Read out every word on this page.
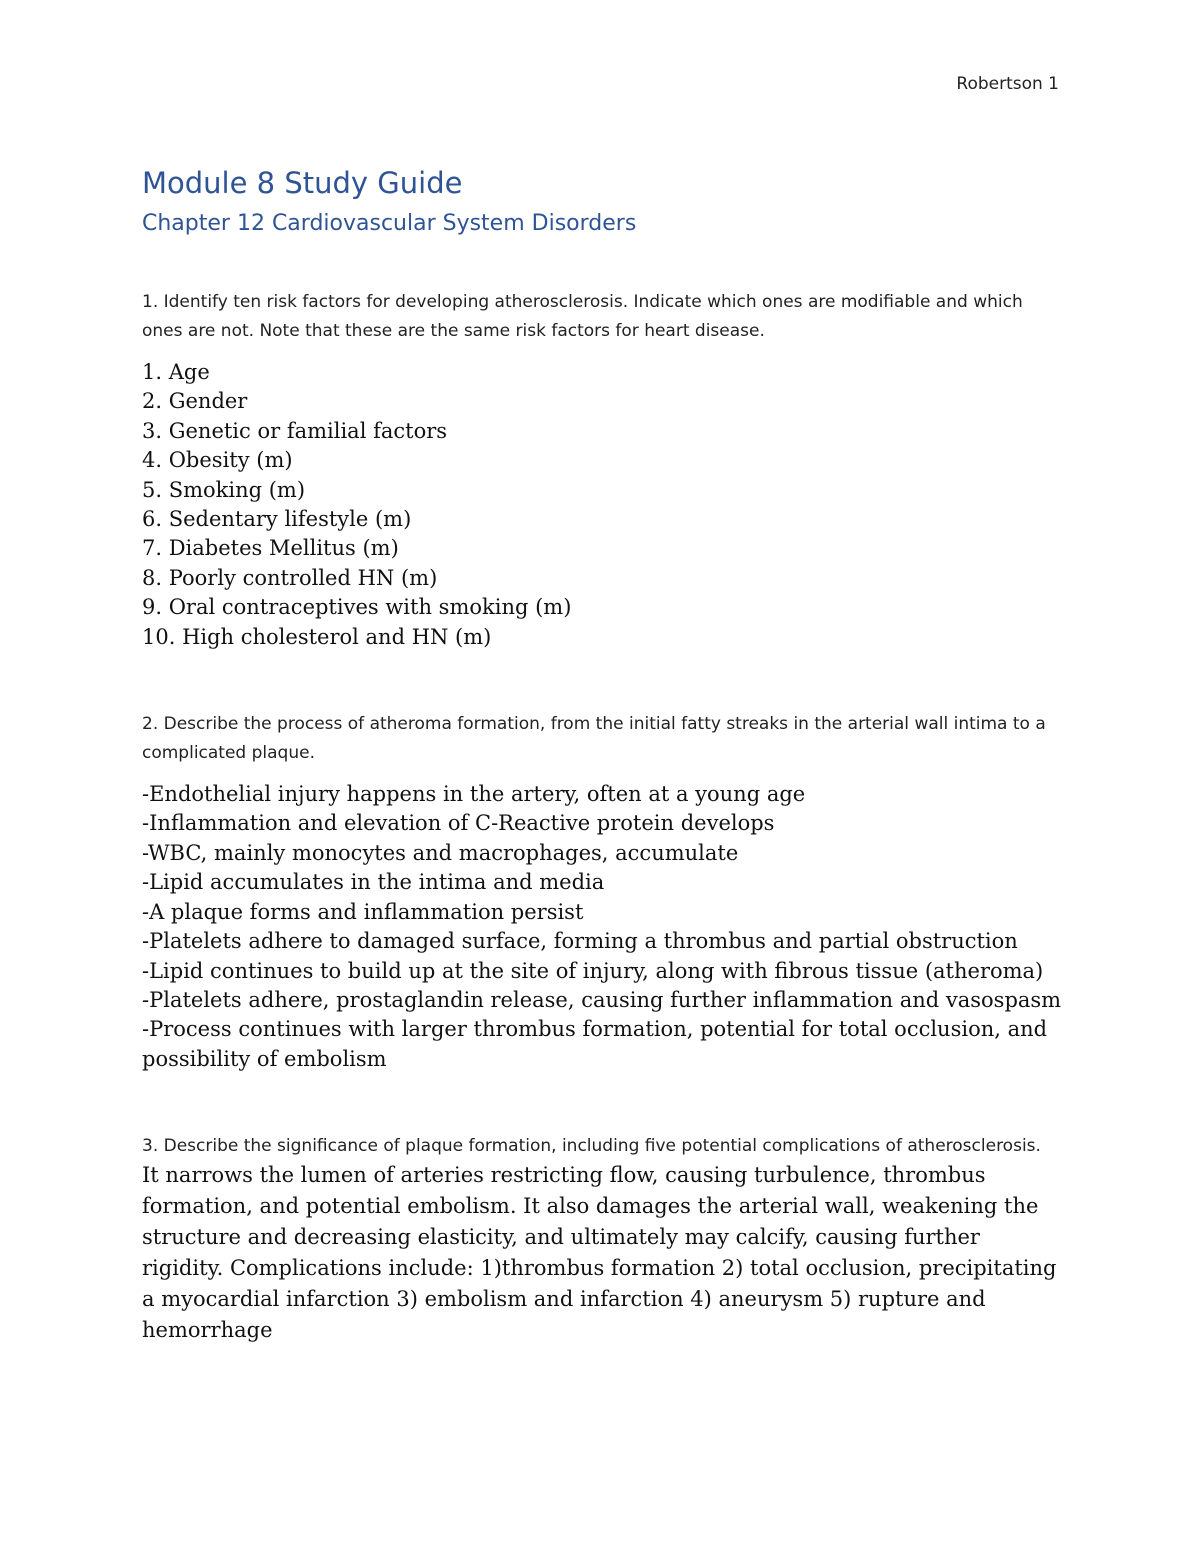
Robertson 1
Module 8 Study Guide
Chapter 12 Cardiovascular System Disorders

1. Identify ten risk factors for developing atherosclerosis. Indicate which ones are modifiable and which ones are not. Note that these are the same risk factors for heart disease.

1. Age
2. Gender
3. Genetic or familial factors
4. Obesity (m)
5. Smoking (m)
6. Sedentary lifestyle (m)
7. Diabetes Mellitus (m)
8. Poorly controlled HN (m)
9. Oral contraceptives with smoking (m)
10. High cholesterol and HN (m)

2. Describe the process of atheroma formation, from the initial fatty streaks in the arterial wall intima to a complicated plaque.

-Endothelial injury happens in the artery, often at a young age
-Inflammation and elevation of C-Reactive protein develops
-WBC, mainly monocytes and macrophages, accumulate
-Lipid accumulates in the intima and media
-A plaque forms and inflammation persist
-Platelets adhere to damaged surface, forming a thrombus and partial obstruction
-Lipid continues to build up at the site of injury, along with fibrous tissue (atheroma)
-Platelets adhere, prostaglandin release, causing further inflammation and vasospasm
-Process continues with larger thrombus formation, potential for total occlusion, and possibility of embolism

3. Describe the significance of plaque formation, including five potential complications of atherosclerosis. It narrows the lumen of arteries restricting flow, causing turbulence, thrombus formation, and potential embolism. It also damages the arterial wall, weakening the structure and decreasing elasticity, and ultimately may calcify, causing further rigidity. Complications include: 1)thrombus formation 2) total occlusion, precipitating a myocardial infarction 3) embolism and infarction 4) aneurysm 5) rupture and hemorrhage
